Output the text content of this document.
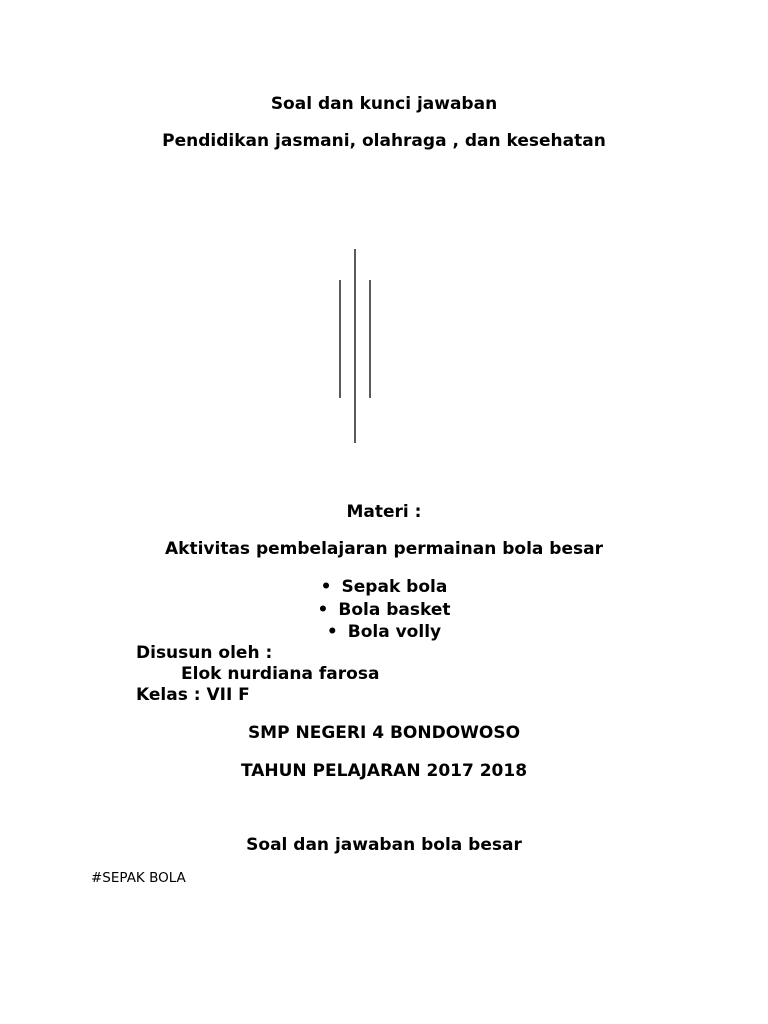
Soal dan kunci jawaban
Pendidikan jasmani, olahraga , dan kesehatan
Materi :
Aktivitas pembelajaran permainan bola besar
• Sepak bola
• Bola basket
• Bola volly
Disusun oleh :
Elok nurdiana farosa
Kelas : VII F
SMP NEGERI 4 BONDOWOSO
TAHUN PELAJARAN 2017 2018
Soal dan jawaban bola besar
#SEPAK BOLA
